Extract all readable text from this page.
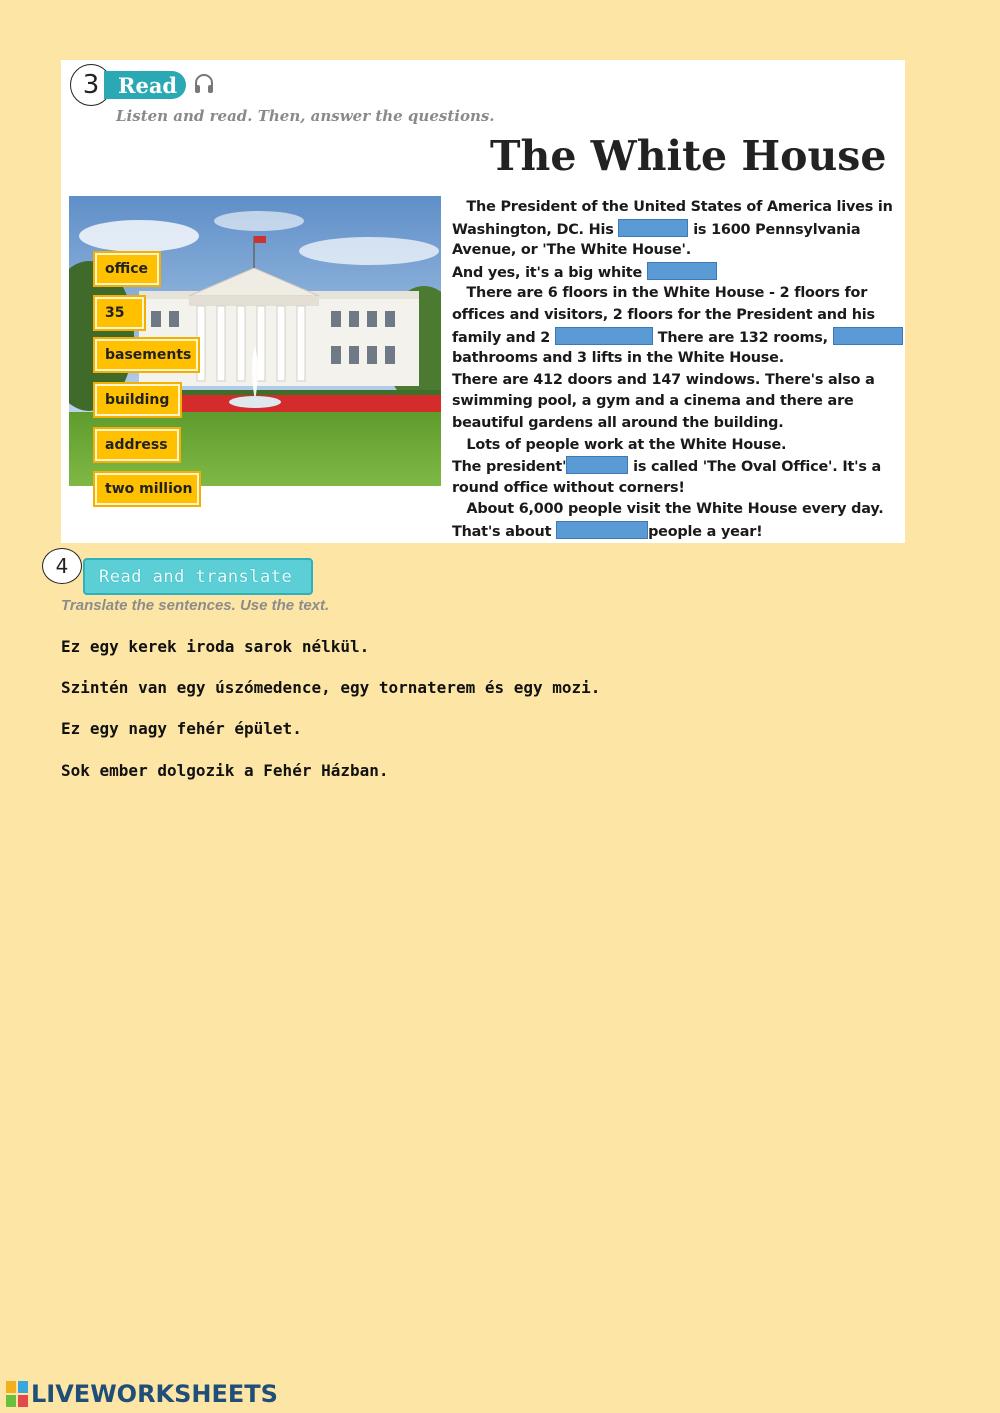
3 Read
Listen and read. Then, answer the questions.
The White House
office
35
basements
building
address
two million
The President of the United States of America lives in
Washington, DC. His	is 1600 Pennsylvania
Avenue, or 'The White House'.
And yes, it's a big white
There are 6 floors in the White House - 2 floors for
offices and visitors, 2 floors for the President and his
family and 2	There are 132 rooms,
bathrooms and 3 lifts in the White House.
There are 412 doors and 147 windows. There's also a
swimming pool, a gym and a cinema and there are
beautiful gardens all around the building.
Lots of people work at the White House.
The president'	is called 'The Oval Office'. It's a
round office without corners!
About 6,000 people visit the White House every day.
That's about	people a year!
4	Read and translate
Translate the sentences. Use the text.
Ez egy kerek iroda sarok nélkül.
Szintén van egy úszómedence, egy tornaterem és egy mozi.
Ez egy nagy fehér épület.
Sok ember dolgozik a Fehér Házban.
LIVEWORKSHEETS
